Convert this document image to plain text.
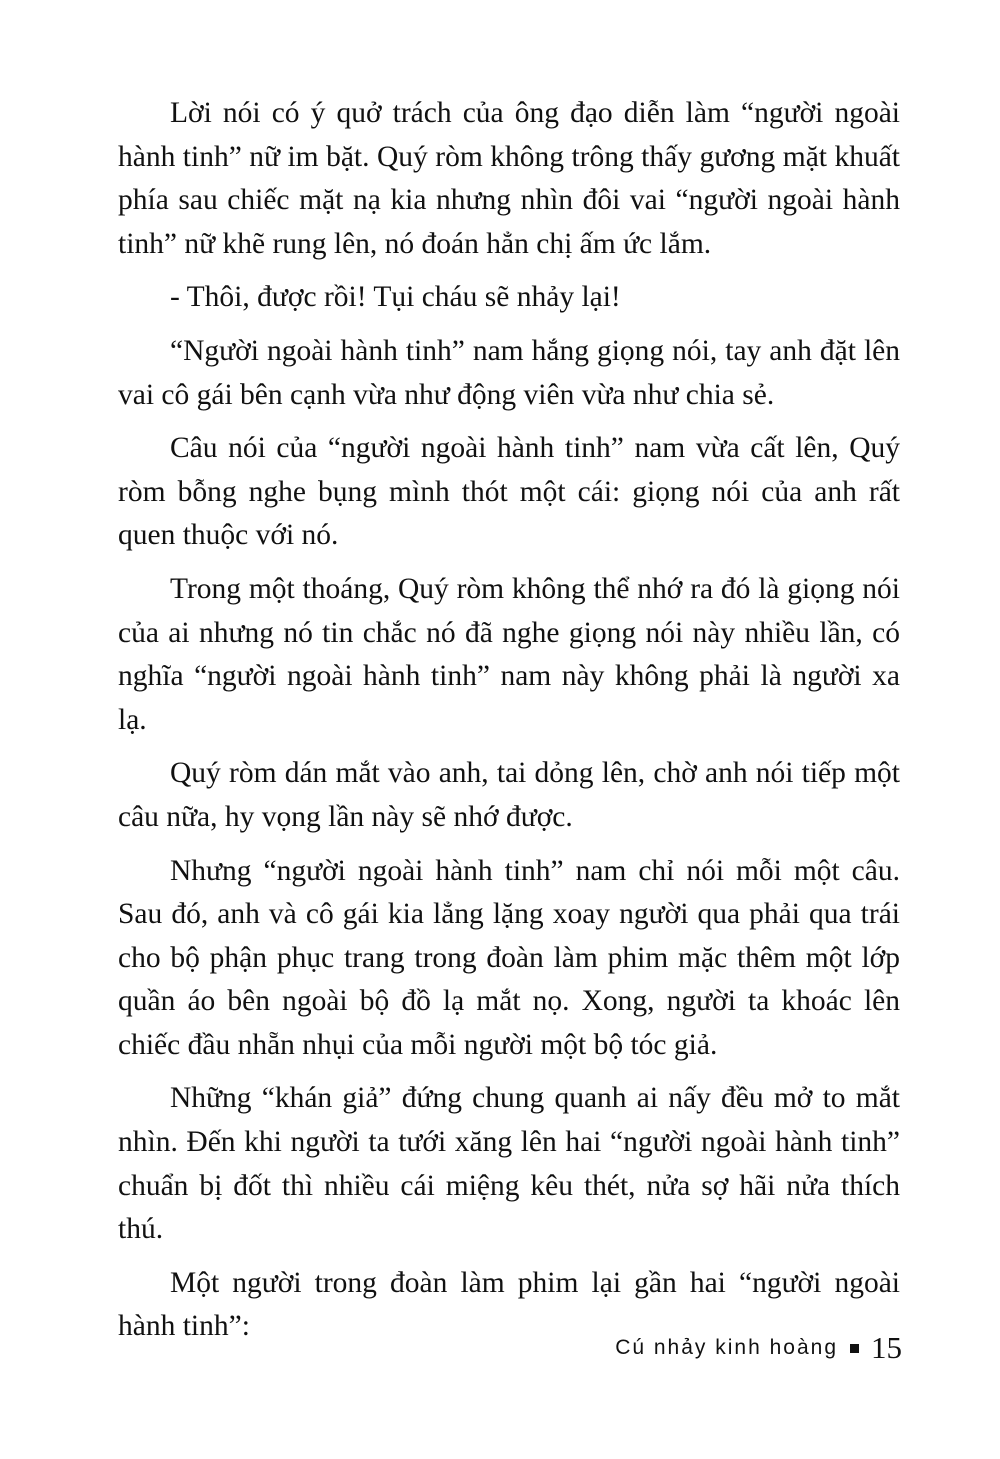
Lời nói có ý quở trách của ông đạo diễn làm “người ngoài hành tinh” nữ im bặt. Quý ròm không trông thấy gương mặt khuất phía sau chiếc mặt nạ kia nhưng nhìn đôi vai “người ngoài hành tinh” nữ khẽ rung lên, nó đoán hẳn chị ấm ức lắm.

- Thôi, được rồi! Tụi cháu sẽ nhảy lại!

“Người ngoài hành tinh” nam hắng giọng nói, tay anh đặt lên vai cô gái bên cạnh vừa như động viên vừa như chia sẻ.

Câu nói của “người ngoài hành tinh” nam vừa cất lên, Quý ròm bỗng nghe bụng mình thót một cái: giọng nói của anh rất quen thuộc với nó.

Trong một thoáng, Quý ròm không thể nhớ ra đó là giọng nói của ai nhưng nó tin chắc nó đã nghe giọng nói này nhiều lần, có nghĩa “người ngoài hành tinh” nam này không phải là người xa lạ.

Quý ròm dán mắt vào anh, tai dỏng lên, chờ anh nói tiếp một câu nữa, hy vọng lần này sẽ nhớ được.

Nhưng “người ngoài hành tinh” nam chỉ nói mỗi một câu. Sau đó, anh và cô gái kia lẳng lặng xoay người qua phải qua trái cho bộ phận phục trang trong đoàn làm phim mặc thêm một lớp quần áo bên ngoài bộ đồ lạ mắt nọ. Xong, người ta khoác lên chiếc đầu nhẵn nhụi của mỗi người một bộ tóc giả.

Những “khán giả” đứng chung quanh ai nấy đều mở to mắt nhìn. Đến khi người ta tưới xăng lên hai “người ngoài hành tinh” chuẩn bị đốt thì nhiều cái miệng kêu thét, nửa sợ hãi nửa thích thú.

Một người trong đoàn làm phim lại gần hai “người ngoài hành tinh”:

Cú nhảy kinh hoàng 15
